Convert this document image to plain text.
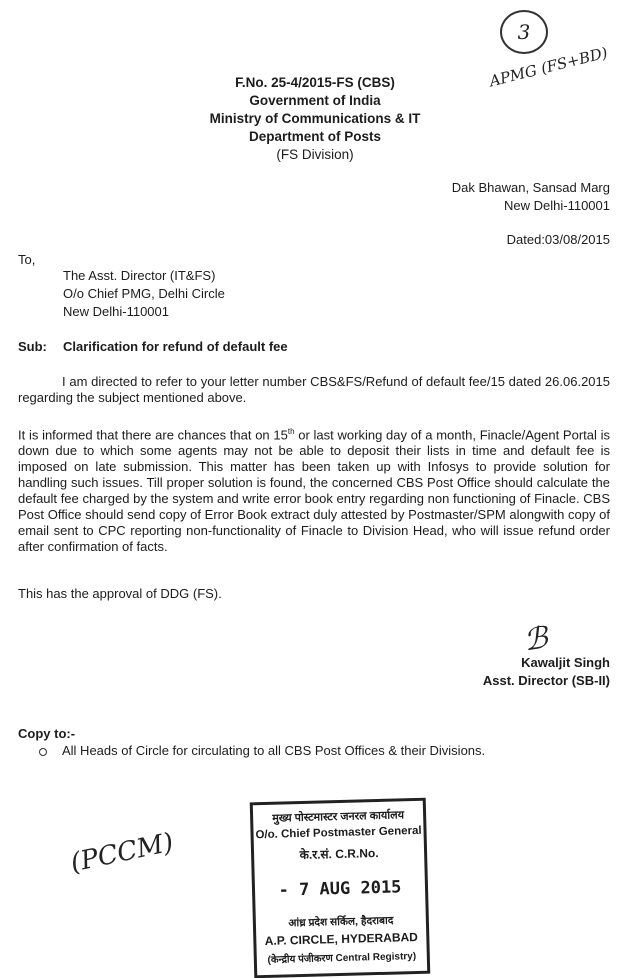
3
APMG (FS+BD)
(PCCM)
F.No. 25-4/2015-FS (CBS)
Government of India
Ministry of Communications & IT
Department of Posts
(FS Division)
Dak Bhawan, Sansad Marg
New Delhi-110001
Dated:03/08/2015
To,
The Asst. Director (IT&FS)
O/o Chief PMG, Delhi Circle
New Delhi-110001
Sub: Clarification for refund of default fee
I am directed to refer to your letter number CBS&FS/Refund of default fee/15 dated 26.06.2015 regarding the subject mentioned above.
It is informed that there are chances that on 15th or last working day of a month, Finacle/Agent Portal is down due to which some agents may not be able to deposit their lists in time and default fee is imposed on late submission. This matter has been taken up with Infosys to provide solution for handling such issues. Till proper solution is found, the concerned CBS Post Office should calculate the default fee charged by the system and write error book entry regarding non functioning of Finacle. CBS Post Office should send copy of Error Book extract duly attested by Postmaster/SPM alongwith copy of email sent to CPC reporting non-functionality of Finacle to Division Head, who will issue refund order after confirmation of facts.
This has the approval of DDG (FS).
ℬ
Kawaljit Singh
Asst. Director (SB-II)
Copy to:-
All Heads of Circle for circulating to all CBS Post Offices & their Divisions.
मुख्य पोस्टमास्टर जनरल कार्यालय
O/o. Chief Postmaster General
के.र.सं. C.R.No.
- 7 AUG 2015
आंध्र प्रदेश सर्किल, हैदराबाद
A.P. CIRCLE, HYDERABAD
(केन्द्रीय पंजीकरण Central Registry)
